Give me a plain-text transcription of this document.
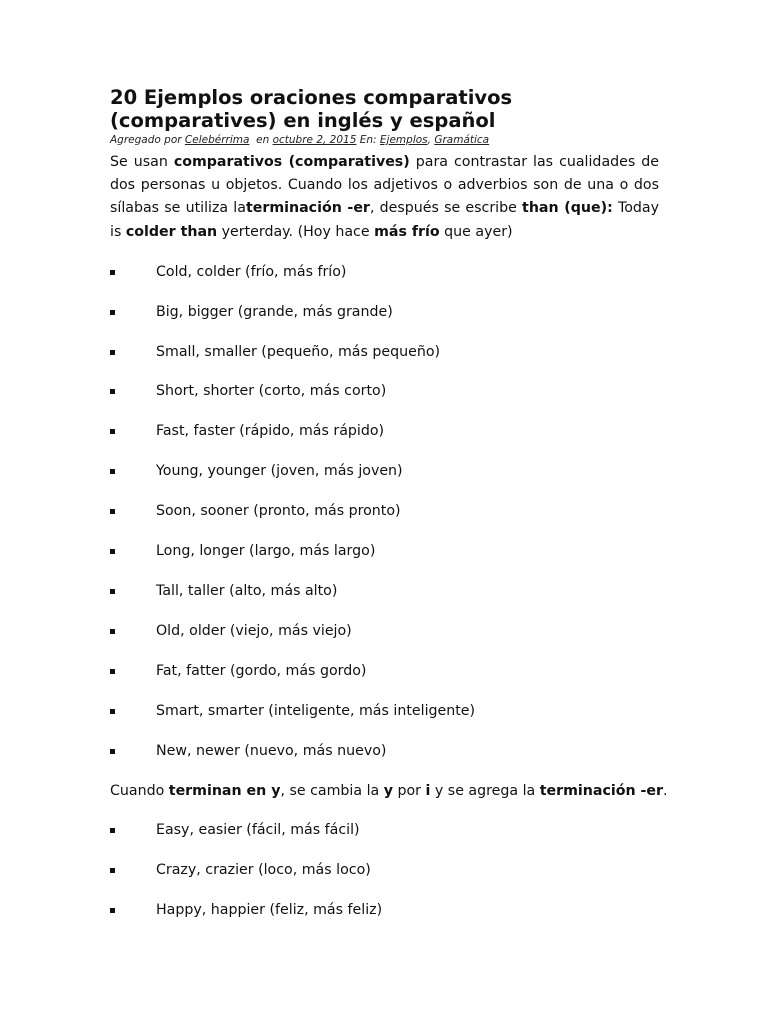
20 Ejemplos oraciones comparativos
(comparatives) en inglés y español
Agregado por Celebérrima en octubre 2, 2015 En: Ejemplos, Gramática

Se usan comparativos (comparatives) para contrastar las cualidades de dos personas u objetos. Cuando los adjetivos o adverbios son de una o dos sílabas se utiliza laterminación -er, después se escribe than (que): Today is colder than yerterday. (Hoy hace más frío que ayer)

Cold, colder (frío, más frío)
Big, bigger (grande, más grande)
Small, smaller (pequeño, más pequeño)
Short, shorter (corto, más corto)
Fast, faster (rápido, más rápido)
Young, younger (joven, más joven)
Soon, sooner (pronto, más pronto)
Long, longer (largo, más largo)
Tall, taller (alto, más alto)
Old, older (viejo, más viejo)
Fat, fatter (gordo, más gordo)
Smart, smarter (inteligente, más inteligente)
New, newer (nuevo, más nuevo)

Cuando terminan en y, se cambia la y por i y se agrega la terminación -er.

Easy, easier (fácil, más fácil)
Crazy, crazier (loco, más loco)
Happy, happier (feliz, más feliz)
